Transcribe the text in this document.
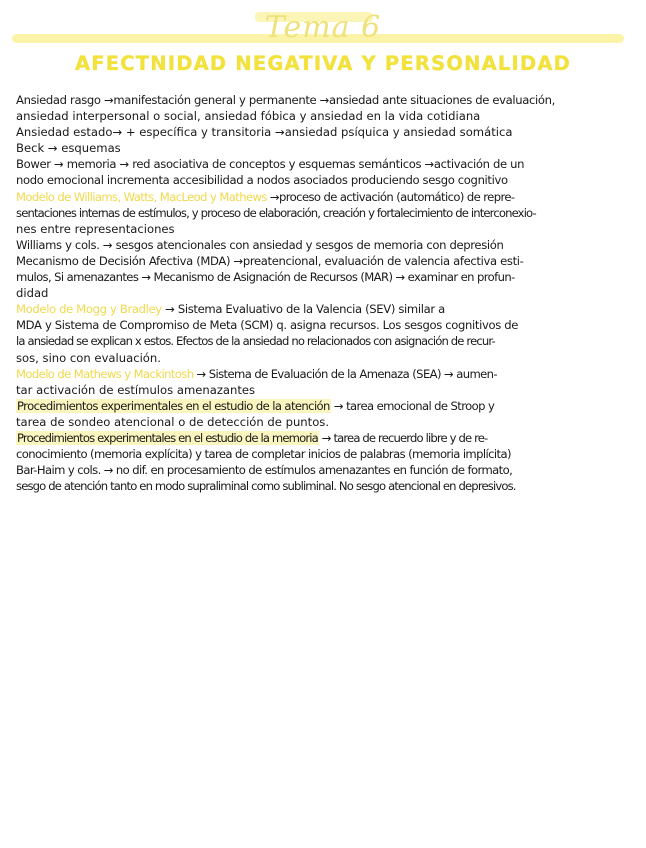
Tema 6
AFECTNIDAD NEGATIVA Y PERSONALIDAD
Ansiedad rasgo →manifestación general y permanente →ansiedad ante situaciones de evaluación,
ansiedad interpersonal o social, ansiedad fóbica y ansiedad en la vida cotidiana
Ansiedad estado→ + específica y transitoria →ansiedad psíquica y ansiedad somática
Beck → esquemas
Bower → memoria → red asociativa de conceptos y esquemas semánticos →activación de un
nodo emocional incrementa accesibilidad a nodos asociados produciendo sesgo cognitivo
Modelo de Williams, Watts, MacLeod y Mathews →proceso de activación (automático) de repre-
sentaciones internas de estímulos, y proceso de elaboración, creación y fortalecimiento de interconexio-
nes entre representaciones
Williams y cols. → sesgos atencionales con ansiedad y sesgos de memoria con depresión
Mecanismo de Decisión Afectiva (MDA) →preatencional, evaluación de valencia afectiva esti-
mulos, Si amenazantes → Mecanismo de Asignación de Recursos (MAR) → examinar en profun-
didad
Modelo de Mogg y Bradley → Sistema Evaluativo de la Valencia (SEV) similar a
MDA y Sistema de Compromiso de Meta (SCM) q. asigna recursos. Los sesgos cognitivos de
la ansiedad se explican x estos. Efectos de la ansiedad no relacionados con asignación de recur-
sos, sino con evaluación.
Modelo de Mathews y Mackintosh → Sistema de Evaluación de la Amenaza (SEA) → aumen-
tar activación de estímulos amenazantes
Procedimientos experimentales en el estudio de la atención → tarea emocional de Stroop y
tarea de sondeo atencional o de detección de puntos.
Procedimientos experimentales en el estudio de la memoria → tarea de recuerdo libre y de re-
conocimiento (memoria explícita) y tarea de completar inicios de palabras (memoria implícita)
Bar-Haim y cols. → no dif. en procesamiento de estímulos amenazantes en función de formato,
sesgo de atención tanto en modo supraliminal como subliminal. No sesgo atencional en depresivos.
